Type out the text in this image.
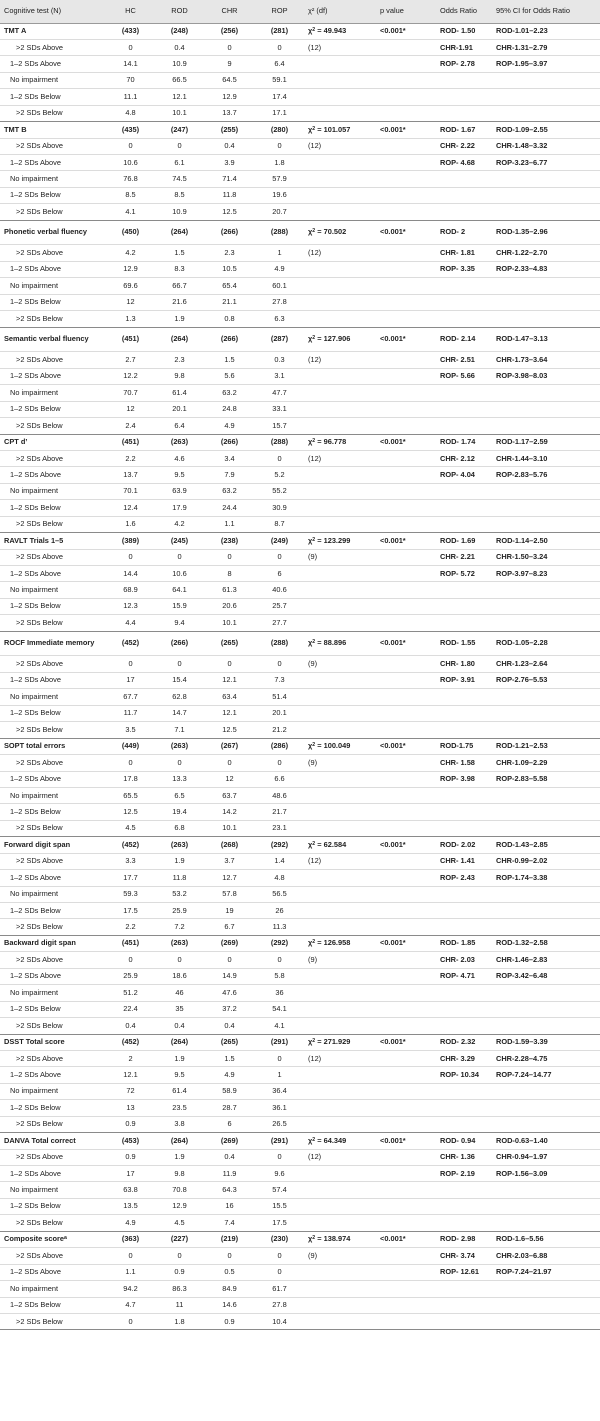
Cognitive test (N)	HC	ROD	CHR	ROP	χ² (df)	p value	Odds Ratio	95% CI for Odds Ratio
TMT A	(433)	(248)	(256)	(281)	$\chi^2 = 49.943$	<0.001*	ROD- 1.50	ROD-1.01–2.23
>2 SDs Above	0	0.4	0	0	(12)		CHR-1.91	CHR-1.31–2.79
1–2 SDs Above	14.1	10.9	9	6.4			ROP- 2.78	ROP-1.95–3.97
No impairment	70	66.5	64.5	59.1				
1–2 SDs Below	11.1	12.1	12.9	17.4				
>2 SDs Below	4.8	10.1	13.7	17.1				
TMT B	(435)	(247)	(255)	(280)	$\chi^2 = 101.057$	<0.001*	ROD- 1.67	ROD-1.09–2.55
>2 SDs Above	0	0	0.4	0	(12)		CHR- 2.22	CHR-1.48–3.32
1–2 SDs Above	10.6	6.1	3.9	1.8			ROP- 4.68	ROP-3.23–6.77
No impairment	76.8	74.5	71.4	57.9				
1–2 SDs Below	8.5	8.5	11.8	19.6				
>2 SDs Below	4.1	10.9	12.5	20.7				
Phonetic verbal fluency	(450)	(264)	(266)	(288)	$\chi^2 = 70.502$	<0.001*	ROD- 2	ROD-1.35–2.96
>2 SDs Above	4.2	1.5	2.3	1	(12)		CHR- 1.81	CHR-1.22–2.70
1–2 SDs Above	12.9	8.3	10.5	4.9			ROP- 3.35	ROP-2.33–4.83
No impairment	69.6	66.7	65.4	60.1				
1–2 SDs Below	12	21.6	21.1	27.8				
>2 SDs Below	1.3	1.9	0.8	6.3				
Semantic verbal fluency	(451)	(264)	(266)	(287)	$\chi^2 = 127.906$	<0.001*	ROD- 2.14	ROD-1.47–3.13
>2 SDs Above	2.7	2.3	1.5	0.3	(12)		CHR- 2.51	CHR-1.73–3.64
1–2 SDs Above	12.2	9.8	5.6	3.1			ROP- 5.66	ROP-3.98–8.03
No impairment	70.7	61.4	63.2	47.7				
1–2 SDs Below	12	20.1	24.8	33.1				
>2 SDs Below	2.4	6.4	4.9	15.7				
CPT d’	(451)	(263)	(266)	(288)	$\chi^2 = 96.778$	<0.001*	ROD- 1.74	ROD-1.17–2.59
>2 SDs Above	2.2	4.6	3.4	0	(12)		CHR- 2.12	CHR-1.44–3.10
1–2 SDs Above	13.7	9.5	7.9	5.2			ROP- 4.04	ROP-2.83–5.76
No impairment	70.1	63.9	63.2	55.2				
1–2 SDs Below	12.4	17.9	24.4	30.9				
>2 SDs Below	1.6	4.2	1.1	8.7				
RAVLT Trials 1–5	(389)	(245)	(238)	(249)	$\chi^2 = 123.299$	<0.001*	ROD- 1.69	ROD-1.14–2.50
>2 SDs Above	0	0	0	0	(9)		CHR- 2.21	CHR-1.50–3.24
1–2 SDs Above	14.4	10.6	8	6			ROP- 5.72	ROP-3.97–8.23
No impairment	68.9	64.1	61.3	40.6				
1–2 SDs Below	12.3	15.9	20.6	25.7				
>2 SDs Below	4.4	9.4	10.1	27.7				
ROCF Immediate memory	(452)	(266)	(265)	(288)	$\chi^2 = 88.896$	<0.001*	ROD- 1.55	ROD-1.05–2.28
>2 SDs Above	0	0	0	0	(9)		CHR- 1.80	CHR-1.23–2.64
1–2 SDs Above	17	15.4	12.1	7.3			ROP- 3.91	ROP-2.76–5.53
No impairment	67.7	62.8	63.4	51.4				
1–2 SDs Below	11.7	14.7	12.1	20.1				
>2 SDs Below	3.5	7.1	12.5	21.2				
SOPT total errors	(449)	(263)	(267)	(286)	$\chi^2 = 100.049$	<0.001*	ROD-1.75	ROD-1.21–2.53
>2 SDs Above	0	0	0	0	(9)		CHR- 1.58	CHR-1.09–2.29
1–2 SDs Above	17.8	13.3	12	6.6			ROP- 3.98	ROP-2.83–5.58
No impairment	65.5	6.5	63.7	48.6				
1–2 SDs Below	12.5	19.4	14.2	21.7				
>2 SDs Below	4.5	6.8	10.1	23.1				
Forward digit span	(452)	(263)	(268)	(292)	$\chi^2 = 62.584$	<0.001*	ROD- 2.02	ROD-1.43–2.85
>2 SDs Above	3.3	1.9	3.7	1.4	(12)		CHR- 1.41	CHR-0.99–2.02
1–2 SDs Above	17.7	11.8	12.7	4.8			ROP- 2.43	ROP-1.74–3.38
No impairment	59.3	53.2	57.8	56.5				
1–2 SDs Below	17.5	25.9	19	26				
>2 SDs Below	2.2	7.2	6.7	11.3				
Backward digit span	(451)	(263)	(269)	(292)	$\chi^2 = 126.958$	<0.001*	ROD- 1.85	ROD-1.32–2.58
>2 SDs Above	0	0	0	0	(9)		CHR- 2.03	CHR-1.46–2.83
1–2 SDs Above	25.9	18.6	14.9	5.8			ROP- 4.71	ROP-3.42–6.48
No impairment	51.2	46	47.6	36				
1–2 SDs Below	22.4	35	37.2	54.1				
>2 SDs Below	0.4	0.4	0.4	4.1				
DSST Total score	(452)	(264)	(265)	(291)	$\chi^2 = 271.929$	<0.001*	ROD- 2.32	ROD-1.59–3.39
>2 SDs Above	2	1.9	1.5	0	(12)		CHR- 3.29	CHR-2.28–4.75
1–2 SDs Above	12.1	9.5	4.9	1			ROP- 10.34	ROP-7.24–14.77
No impairment	72	61.4	58.9	36.4				
1–2 SDs Below	13	23.5	28.7	36.1				
>2 SDs Below	0.9	3.8	6	26.5				
DANVA Total correct	(453)	(264)	(269)	(291)	$\chi^2 = 64.349$	<0.001*	ROD- 0.94	ROD-0.63–1.40
>2 SDs Above	0.9	1.9	0.4	0	(12)		CHR- 1.36	CHR-0.94–1.97
1–2 SDs Above	17	9.8	11.9	9.6			ROP- 2.19	ROP-1.56–3.09
No impairment	63.8	70.8	64.3	57.4				
1–2 SDs Below	13.5	12.9	16	15.5				
>2 SDs Below	4.9	4.5	7.4	17.5				
Composite score$^a$	(363)	(227)	(219)	(230)	$\chi^2 = 138.974$	<0.001*	ROD- 2.98	ROD-1.6–5.56
>2 SDs Above	0	0	0	0	(9)		CHR- 3.74	CHR-2.03–6.88
1–2 SDs Above	1.1	0.9	0.5	0			ROP- 12.61	ROP-7.24–21.97
No impairment	94.2	86.3	84.9	61.7				
1–2 SDs Below	4.7	11	14.6	27.8				
>2 SDs Below	0	1.8	0.9	10.4				
